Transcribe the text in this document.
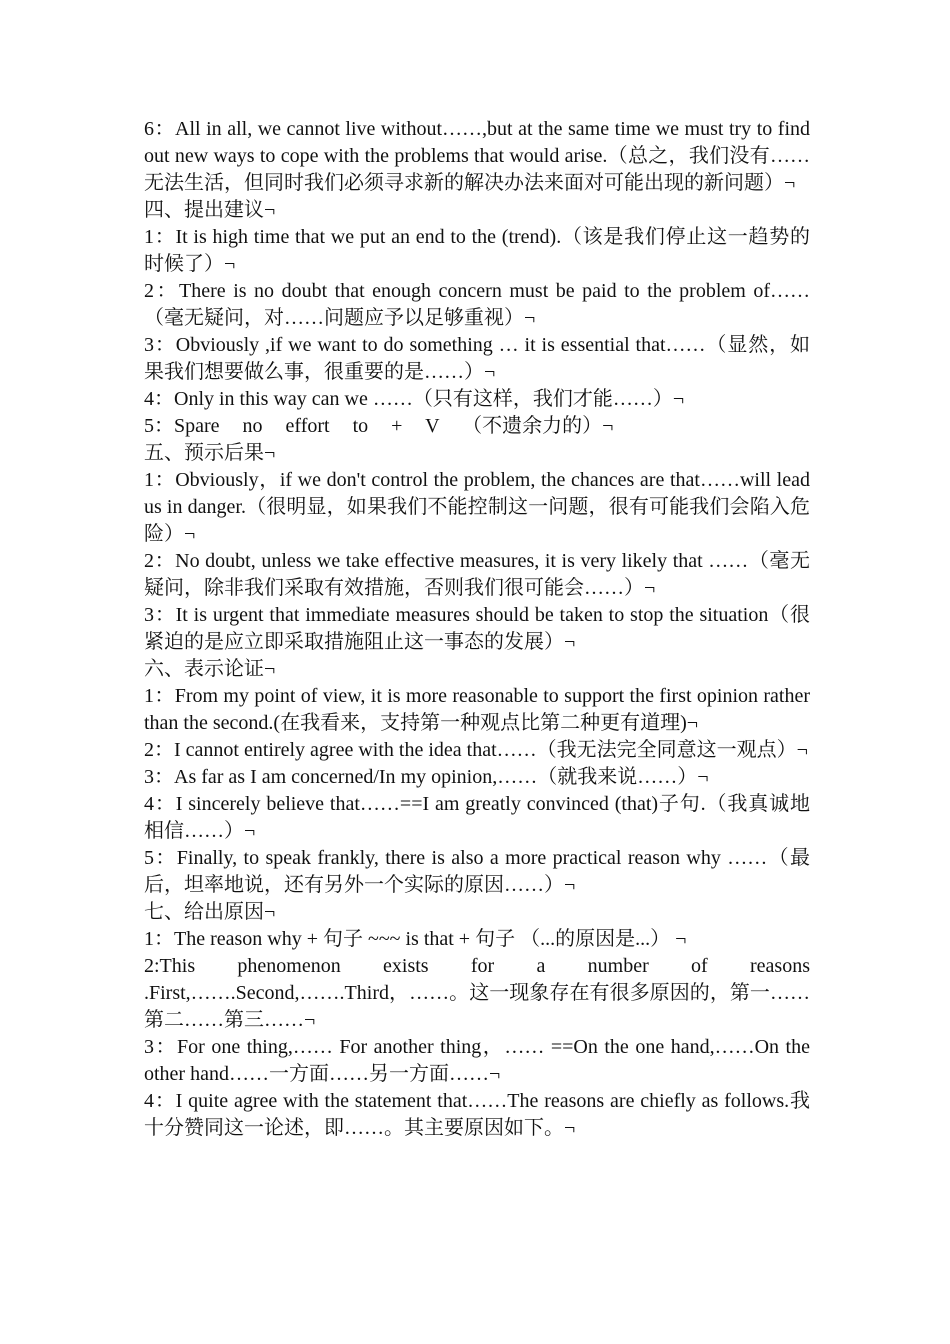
6：All in all, we cannot live without……,but at the same time we must try to find out new ways to cope with the problems that would arise.（总之，我们没有……无法生活，但同时我们必须寻求新的解决办法来面对可能出现的新问题）¬

四、提出建议¬

1：It is high time that we put an end to the (trend).（该是我们停止这一趋势的时候了）¬

2：There is no doubt that enough concern must be paid to the problem of……（毫无疑问，对……问题应予以足够重视）¬

3：Obviously ,if we want to do something … it is essential that……（显然，如果我们想要做么事，很重要的是……）¬

4：Only in this way can we ……（只有这样，我们才能……）¬

5：Spare no effort to + V （不遗余力的）¬

五、预示后果¬

1：Obviously，if we don't control the problem, the chances are that……will lead us in danger.（很明显，如果我们不能控制这一问题，很有可能我们会陷入危险）¬

2：No doubt, unless we take effective measures, it is very likely that ……（毫无疑问，除非我们采取有效措施，否则我们很可能会……）¬

3：It is urgent that immediate measures should be taken to stop the situation（很紧迫的是应立即采取措施阻止这一事态的发展）¬

六、表示论证¬

1：From my point of view, it is more reasonable to support the first opinion rather than the second.(在我看来，支持第一种观点比第二种更有道理)¬

2：I cannot entirely agree with the idea that……（我无法完全同意这一观点）¬

3：As far as I am concerned/In my opinion,……（就我来说……）¬

4：I sincerely believe that……==I am greatly convinced (that)子句.（我真诚地相信……）¬

5：Finally, to speak frankly, there is also a more practical reason why ……（最后，坦率地说，还有另外一个实际的原因……）¬

七、给出原因¬

1：The reason why + 句子 ~~~ is that + 句子 （...的原因是...） ¬

2:This phenomenon exists for a number of reasons .First,…….Second,…….Third，……。这一现象存在有很多原因的，第一……第二……第三……¬

3：For one thing,…… For another thing，…… ==On the one hand,……On the other hand……一方面……另一方面……¬

4：I quite agree with the statement that……The reasons are chiefly as follows.我十分赞同这一论述，即……。其主要原因如下。¬
